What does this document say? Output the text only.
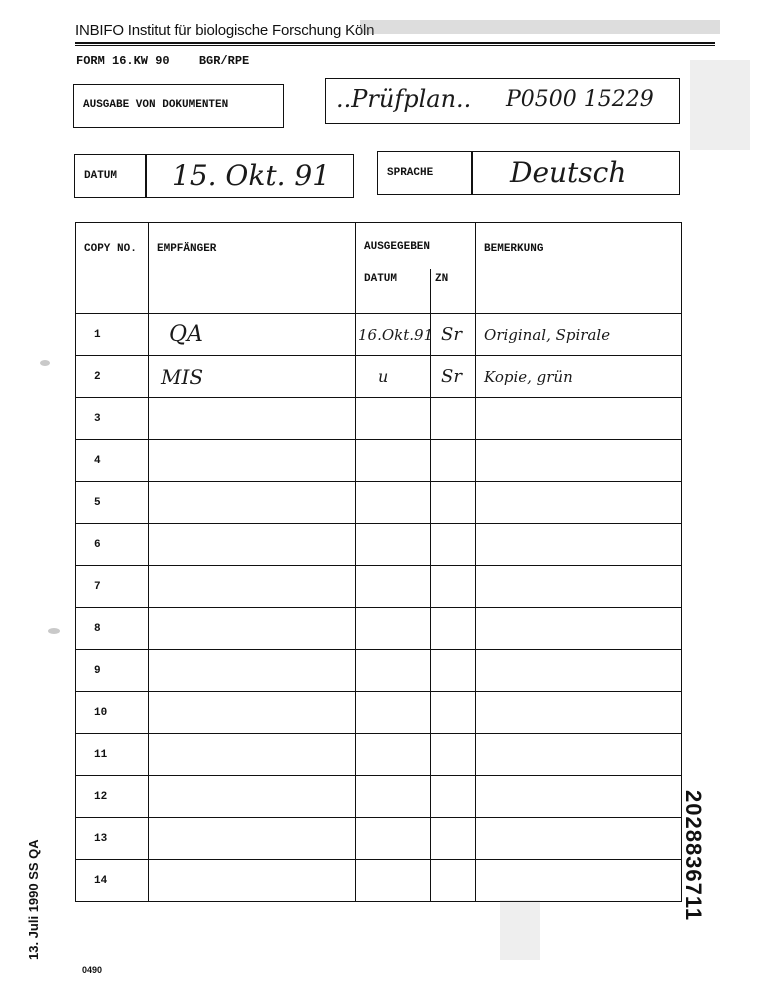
INBIFO Institut für biologische Forschung Köln
FORM 16.KW 90 BGR/RPE
AUSGABE VON DOKUMENTEN	..Prüfplan.. P0500 15229
DATUM 15. Okt. 91	SPRACHE	Deutsch
COPY NO.	EMPFÄNGER	AUSGEGEBEN		BEMERKUNG
		DATUM	ZN	
1	QA	16.Okt.91	Sr	Original, Spirale
2	MIS	u	Sr	Kopie, grün
3				
4				
5				
6				
7				
8				
9				
10				
11				
12				
13				
14				
13. Juli 1990 SS QA	2028836711
0490
